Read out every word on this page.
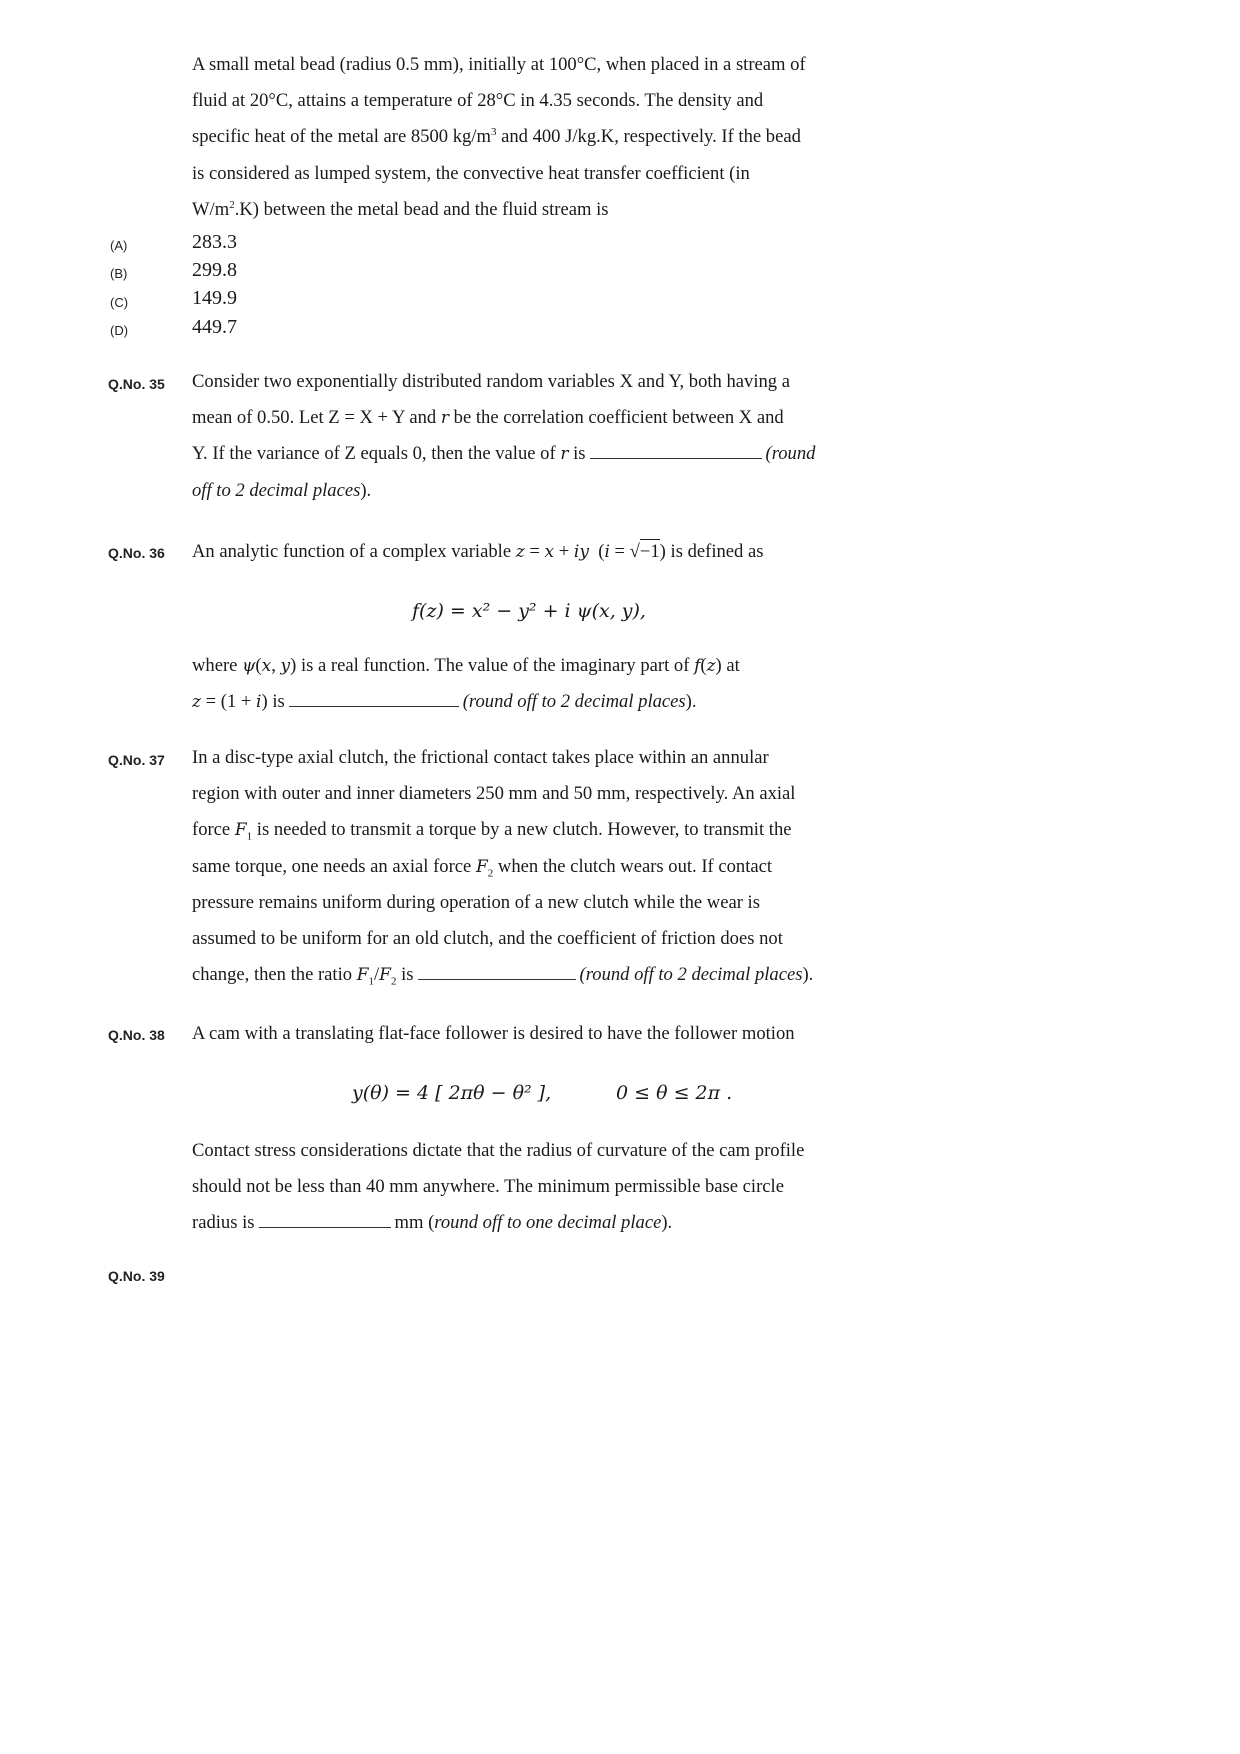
A small metal bead (radius 0.5 mm), initially at 100°C, when placed in a stream of
fluid at 20°C, attains a temperature of 28°C in 4.35 seconds. The density and
specific heat of the metal are 8500 $kg/m^3$ and 400 J/kg.K, respectively. If the bead
is considered as lumped system, the convective heat transfer coefficient (in
$W/m^2.K$) between the metal bead and the fluid stream is
(A)	283.3
(B)	299.8
(C)	149.9
(D)	449.7
Q.No. 35	Consider two exponentially distributed random variables X and Y, both having a
mean of 0.50. Let Z = X + Y and r be the correlation coefficient between X and
Y. If the variance of Z equals 0, then the value of r is	(round
off to 2 decimal places).
Q.No. 36	An analytic function of a complex variable z = x + iy  (i = √−1) is defined as
f(z) = x² − y² + i ψ(x, y),
where ψ(x, y) is a real function. The value of the imaginary part of f(z) at
z = (1 + i) is	(round off to 2 decimal places).
Q.No. 37	In a disc-type axial clutch, the frictional contact takes place within an annular
region with outer and inner diameters 250 mm and 50 mm, respectively. An axial
force $F_1$ is needed to transmit a torque by a new clutch. However, to transmit the
same torque, one needs an axial force $F_2$ when the clutch wears out. If contact
pressure remains uniform during operation of a new clutch while the wear is
assumed to be uniform for an old clutch, and the coefficient of friction does not
change, then the ratio $F_1/F_2$ is	(round off to 2 decimal places).
Q.No. 38	A cam with a translating flat-face follower is desired to have the follower motion
y(θ) = 4 [ 2πθ − θ² ],	0 ≤ θ ≤ 2π .
Contact stress considerations dictate that the radius of curvature of the cam profile
should not be less than 40 mm anywhere. The minimum permissible base circle
radius is	mm (round off to one decimal place).
Q.No. 39
